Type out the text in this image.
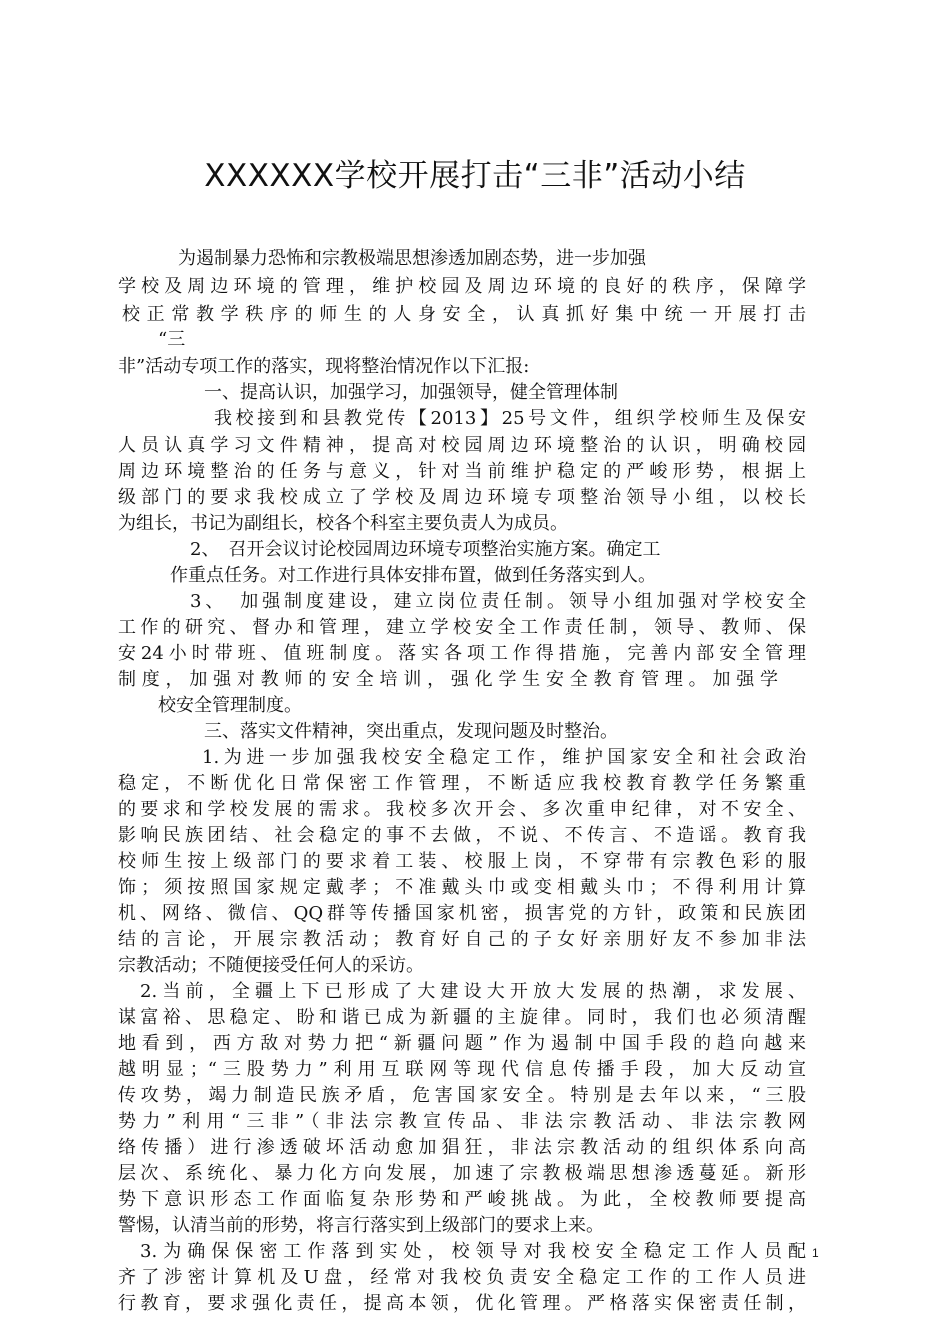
XXXXXX学校开展打击“三非”活动小结
为遏制暴力恐怖和宗教极端思想渗透加剧态势，进一步加强
学校及周边环境的管理，维护校园及周边环境的良好的秩序，保障学
校正常教学秩序的师生的人身安全，认真抓好集中统一开展打击
“三
非”活动专项工作的落实，现将整治情况作以下汇报:
一、提高认识，加强学习，加强领导，健全管理体制
我校接到和县教党传【2013】25号文件，组织学校师生及保安
人员认真学习文件精神，提高对校园周边环境整治的认识，明确校园
周边环境整治的任务与意义，针对当前维护稳定的严峻形势，根据上
级部门的要求我校成立了学校及周边环境专项整治领导小组，以校长
为组长，书记为副组长，校各个科室主要负责人为成员。
2、　召开会议讨论校园周边环境专项整治实施方案。确定工
作重点任务。对工作进行具体安排布置，做到任务落实到人。
3、　加强制度建设，建立岗位责任制。领导小组加强对学校安全
工作的研究、督办和管理，建立学校安全工作责任制，领导、教师、保
安24小时带班、值班制度。落实各项工作得措施，完善内部安全管理
制度，加强对教师的安全培训，强化学生安全教育管理。加强学
校安全管理制度。
三、落实文件精神，突出重点，发现问题及时整治。
1.为进一步加强我校安全稳定工作，维护国家安全和社会政治
稳定，不断优化日常保密工作管理，不断适应我校教育教学任务繁重
的要求和学校发展的需求。我校多次开会、多次重申纪律，对不安全、
影响民族团结、社会稳定的事不去做，不说、不传言、不造谣。教育我
校师生按上级部门的要求着工装、校服上岗，不穿带有宗教色彩的服
饰；须按照国家规定戴孝；不准戴头巾或变相戴头巾；不得利用计算
机、网络、微信、QQ群等传播国家机密，损害党的方针，政策和民族团
结的言论，开展宗教活动；教育好自己的子女好亲朋好友不参加非法
宗教活动；不随便接受任何人的采访。
2.当前，全疆上下已形成了大建设大开放大发展的热潮，求发展、
谋富裕、思稳定、盼和谐已成为新疆的主旋律。同时，我们也必须清醒
地看到，西方敌对势力把“新疆问题”作为遏制中国手段的趋向越来
越明显；“三股势力”利用互联网等现代信息传播手段，加大反动宣
传攻势，竭力制造民族矛盾，危害国家安全。特别是去年以来，“三股
势力”利用“三非”（非法宗教宣传品、非法宗教活动、非法宗教网
络传播）进行渗透破坏活动愈加猖狂，非法宗教活动的组织体系向高
层次、系统化、暴力化方向发展，加速了宗教极端思想渗透蔓延。新形
势下意识形态工作面临复杂形势和严峻挑战。为此，全校教师要提高
警惕，认清当前的形势，将言行落实到上级部门的要求上来。
3.为确保保密工作落到实处，校领导对我校安全稳定工作人员配
齐了涉密计算机及U盘，经常对我校负责安全稳定工作的工作人员进
行教育，要求强化责任，提高本领，优化管理。严格落实保密责任制，
1
